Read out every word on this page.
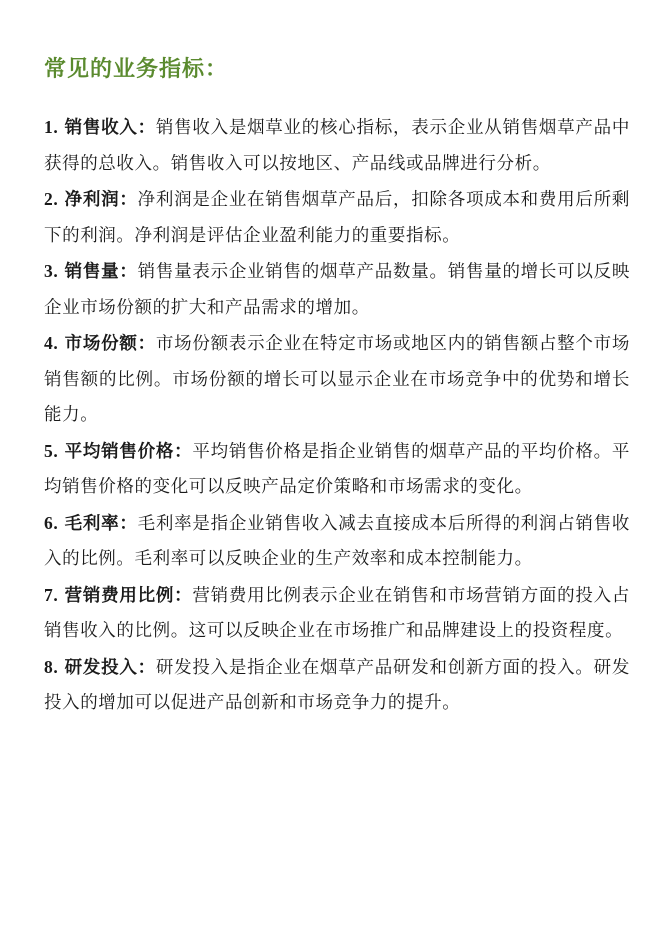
常见的业务指标：
1. 销售收入：销售收入是烟草业的核心指标，表示企业从销售烟草产品中获得的总收入。销售收入可以按地区、产品线或品牌进行分析。
2. 净利润：净利润是企业在销售烟草产品后，扣除各项成本和费用后所剩下的利润。净利润是评估企业盈利能力的重要指标。
3. 销售量：销售量表示企业销售的烟草产品数量。销售量的增长可以反映企业市场份额的扩大和产品需求的增加。
4. 市场份额：市场份额表示企业在特定市场或地区内的销售额占整个市场销售额的比例。市场份额的增长可以显示企业在市场竞争中的优势和增长能力。
5. 平均销售价格：平均销售价格是指企业销售的烟草产品的平均价格。平均销售价格的变化可以反映产品定价策略和市场需求的变化。
6. 毛利率：毛利率是指企业销售收入减去直接成本后所得的利润占销售收入的比例。毛利率可以反映企业的生产效率和成本控制能力。
7. 营销费用比例：营销费用比例表示企业在销售和市场营销方面的投入占销售收入的比例。这可以反映企业在市场推广和品牌建设上的投资程度。
8. 研发投入：研发投入是指企业在烟草产品研发和创新方面的投入。研发投入的增加可以促进产品创新和市场竞争力的提升。
